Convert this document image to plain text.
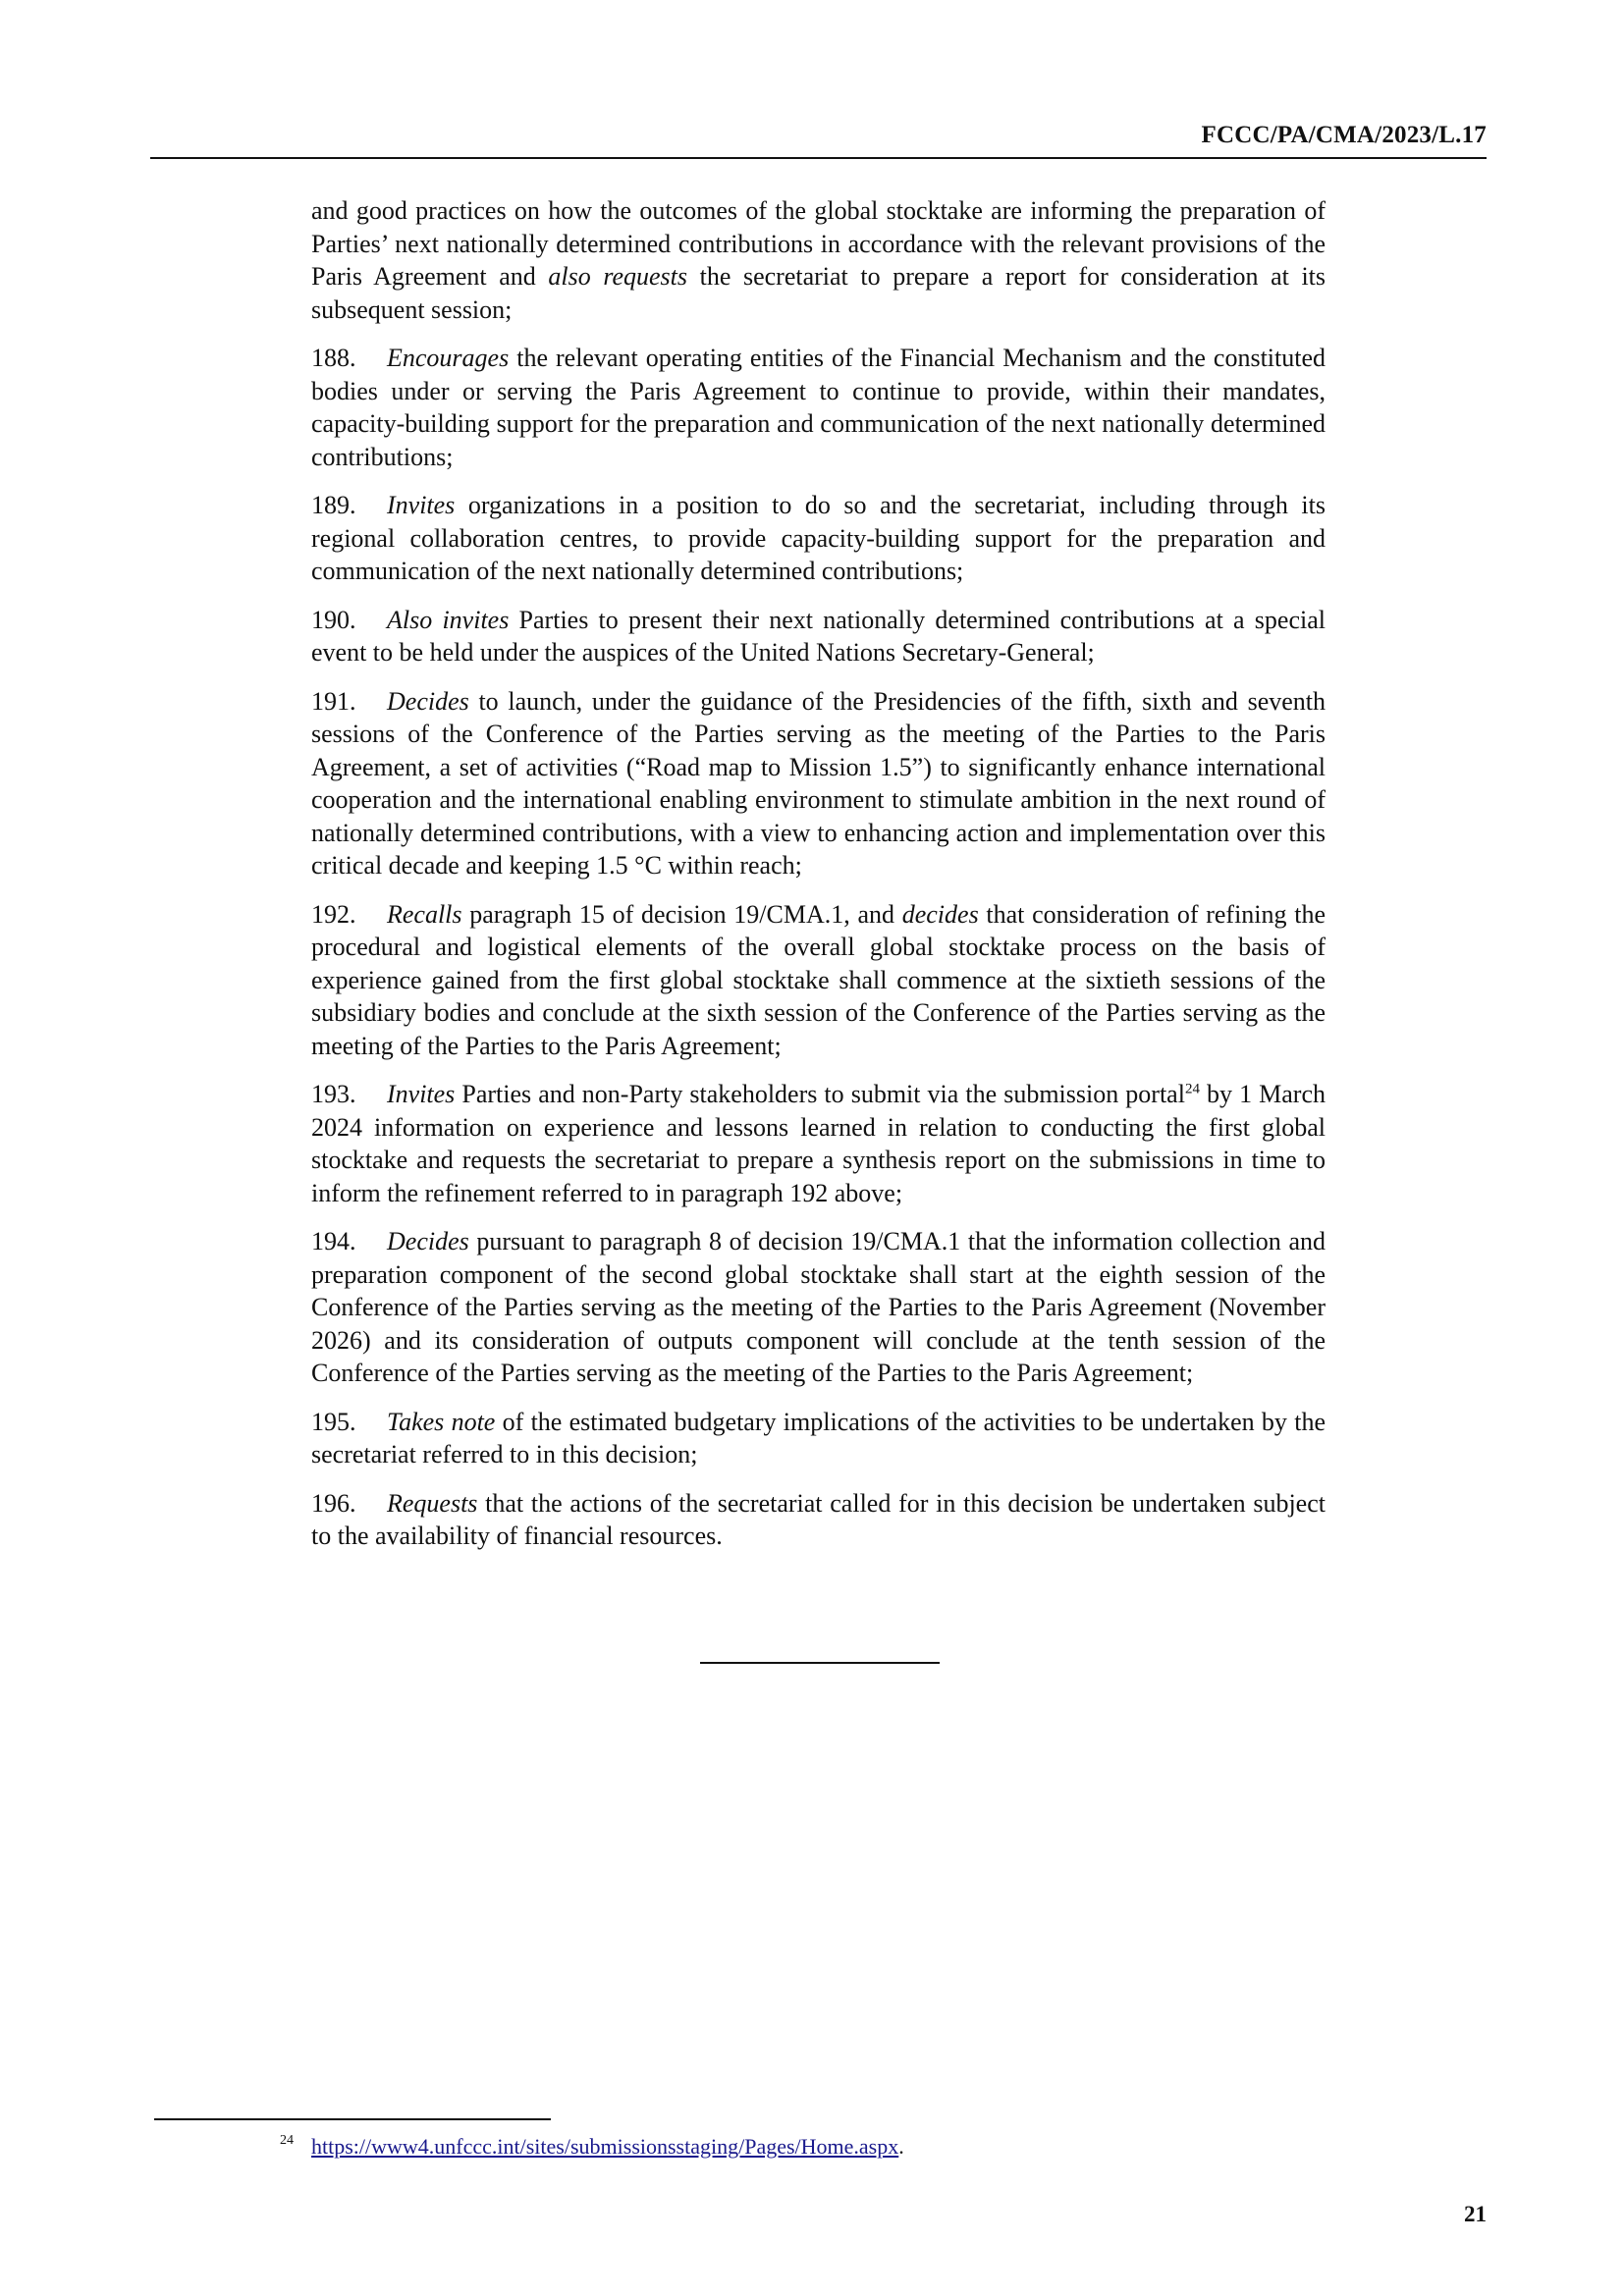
FCCC/PA/CMA/2023/L.17

and good practices on how the outcomes of the global stocktake are informing the preparation of Parties’ next nationally determined contributions in accordance with the relevant provisions of the Paris Agreement and also requests the secretariat to prepare a report for consideration at its subsequent session;

188. Encourages the relevant operating entities of the Financial Mechanism and the constituted bodies under or serving the Paris Agreement to continue to provide, within their mandates, capacity-building support for the preparation and communication of the next nationally determined contributions;

189. Invites organizations in a position to do so and the secretariat, including through its regional collaboration centres, to provide capacity-building support for the preparation and communication of the next nationally determined contributions;

190. Also invites Parties to present their next nationally determined contributions at a special event to be held under the auspices of the United Nations Secretary-General;

191. Decides to launch, under the guidance of the Presidencies of the fifth, sixth and seventh sessions of the Conference of the Parties serving as the meeting of the Parties to the Paris Agreement, a set of activities (“Road map to Mission 1.5”) to significantly enhance international cooperation and the international enabling environment to stimulate ambition in the next round of nationally determined contributions, with a view to enhancing action and implementation over this critical decade and keeping 1.5 °C within reach;

192. Recalls paragraph 15 of decision 19/CMA.1, and decides that consideration of refining the procedural and logistical elements of the overall global stocktake process on the basis of experience gained from the first global stocktake shall commence at the sixtieth sessions of the subsidiary bodies and conclude at the sixth session of the Conference of the Parties serving as the meeting of the Parties to the Paris Agreement;

193. Invites Parties and non-Party stakeholders to submit via the submission portal$^{24}$ by 1 March 2024 information on experience and lessons learned in relation to conducting the first global stocktake and requests the secretariat to prepare a synthesis report on the submissions in time to inform the refinement referred to in paragraph 192 above;

194. Decides pursuant to paragraph 8 of decision 19/CMA.1 that the information collection and preparation component of the second global stocktake shall start at the eighth session of the Conference of the Parties serving as the meeting of the Parties to the Paris Agreement (November 2026) and its consideration of outputs component will conclude at the tenth session of the Conference of the Parties serving as the meeting of the Parties to the Paris Agreement;

195. Takes note of the estimated budgetary implications of the activities to be undertaken by the secretariat referred to in this decision;

196. Requests that the actions of the secretariat called for in this decision be undertaken subject to the availability of financial resources.

24 https://www4.unfccc.int/sites/submissionsstaging/Pages/Home.aspx.
21
